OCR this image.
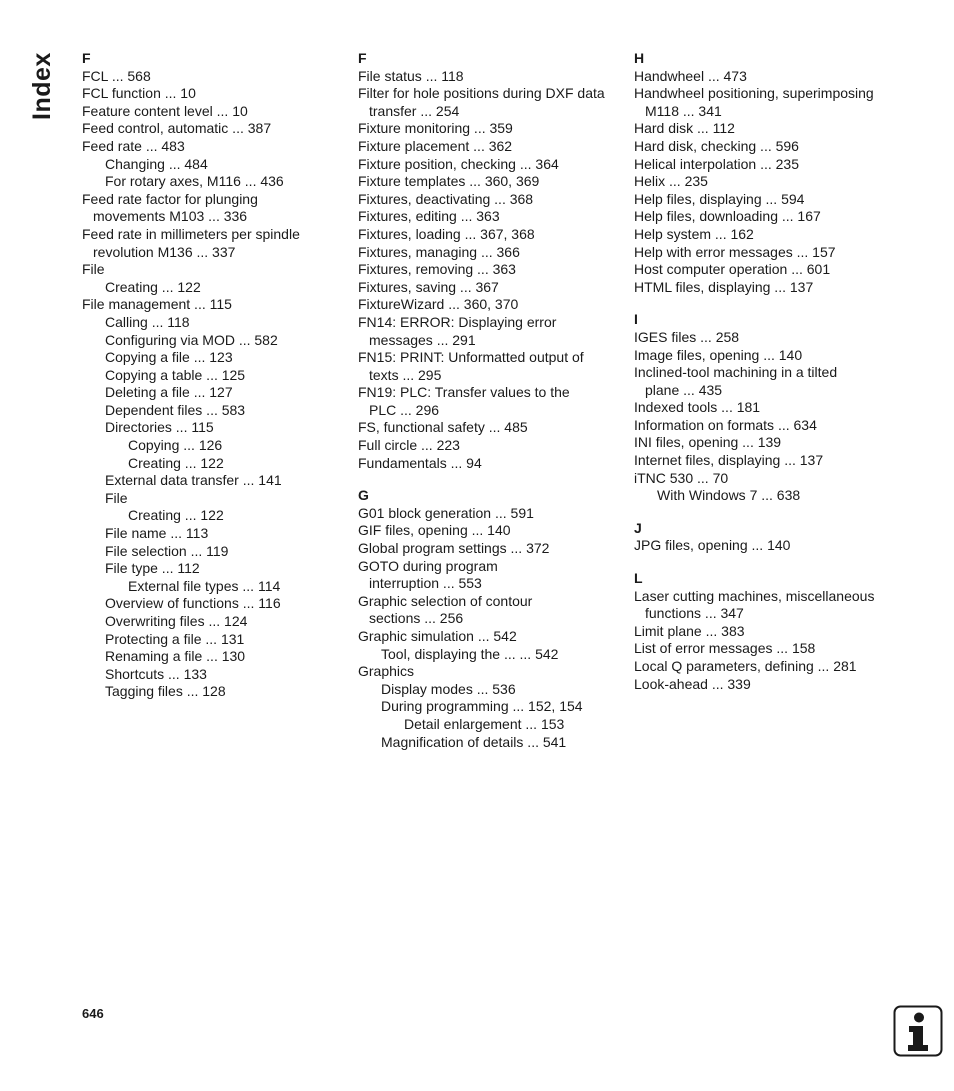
Index F
FCL ... 568
FCL function ... 10
Feature content level ... 10
Feed control, automatic ... 387
Feed rate ... 483
Changing ... 484
For rotary axes, M116 ... 436
Feed rate factor for plunging
movements M103 ... 336
Feed rate in millimeters per spindle
revolution M136 ... 337
File
Creating ... 122
File management ... 115
Calling ... 118
Configuring via MOD ... 582
Copying a file ... 123
Copying a table ... 125
Deleting a file ... 127
Dependent files ... 583
Directories ... 115
Copying ... 126
Creating ... 122
External data transfer ... 141
File
Creating ... 122
File name ... 113
File selection ... 119
File type ... 112
External file types ... 114
Overview of functions ... 116
Overwriting files ... 124
Protecting a file ... 131
Renaming a file ... 130
Shortcuts ... 133
Tagging files ... 128
F
File status ... 118
Filter for hole positions during DXF data
transfer ... 254
Fixture monitoring ... 359
Fixture placement ... 362
Fixture position, checking ... 364
Fixture templates ... 360, 369
Fixtures, deactivating ... 368
Fixtures, editing ... 363
Fixtures, loading ... 367, 368
Fixtures, managing ... 366
Fixtures, removing ... 363
Fixtures, saving ... 367
FixtureWizard ... 360, 370
FN14: ERROR: Displaying error
messages ... 291
FN15: PRINT: Unformatted output of
texts ... 295
FN19: PLC: Transfer values to the
PLC ... 296
FS, functional safety ... 485
Full circle ... 223
Fundamentals ... 94
G
G01 block generation ... 591
GIF files, opening ... 140
Global program settings ... 372
GOTO during program
interruption ... 553
Graphic selection of contour
sections ... 256
Graphic simulation ... 542
Tool, displaying the ... ... 542
Graphics
Display modes ... 536
During programming ... 152, 154
Detail enlargement ... 153
Magnification of details ... 541
H
Handwheel ... 473
Handwheel positioning, superimposing
M118 ... 341
Hard disk ... 112
Hard disk, checking ... 596
Helical interpolation ... 235
Helix ... 235
Help files, displaying ... 594
Help files, downloading ... 167
Help system ... 162
Help with error messages ... 157
Host computer operation ... 601
HTML files, displaying ... 137
I
IGES files ... 258
Image files, opening ... 140
Inclined-tool machining in a tilted
plane ... 435
Indexed tools ... 181
Information on formats ... 634
INI files, opening ... 139
Internet files, displaying ... 137
iTNC 530 ... 70
With Windows 7 ... 638
J
JPG files, opening ... 140
L
Laser cutting machines, miscellaneous
functions ... 347
Limit plane ... 383
List of error messages ... 158
Local Q parameters, defining ... 281
Look-ahead ... 339
646
